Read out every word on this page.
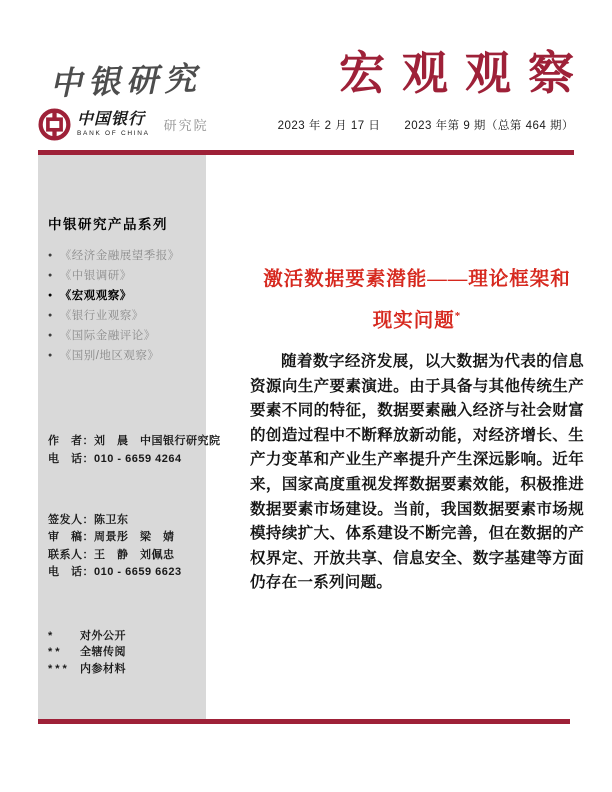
中银研究	宏观观察
中国银行
BANK OF CHINA
研究院	2023 年 2 月 17 日 2023 年第 9 期（总第 464 期）
中银研究产品系列
● 《经济金融展望季报》
● 《中银调研》
● 《宏观观察》
● 《银行业观察》
● 《国际金融评论》
● 《国别/地区观察》
作　者：刘　晨　中国银行研究院
电　话：010 - 6659 4264
签发人：陈卫东
审　稿：周景彤　梁　婧
联系人：王　静　刘佩忠
电　话：010 - 6659 6623
*	对外公开
**	全辖传阅
*** 内参材料
激活数据要素潜能——理论框架和
现实问题*

随着数字经济发展，以大数据为代表的信息资源向生产要素演进。由于具备与其他传统生产要素不同的特征，数据要素融入经济与社会财富的创造过程中不断释放新动能，对经济增长、生产力变革和产业生产率提升产生深远影响。近年来，国家高度重视发挥数据要素效能，积极推进数据要素市场建设。当前，我国数据要素市场规模持续扩大、体系建设不断完善，但在数据的产权界定、开放共享、信息安全、数字基建等方面仍存在一系列问题。
